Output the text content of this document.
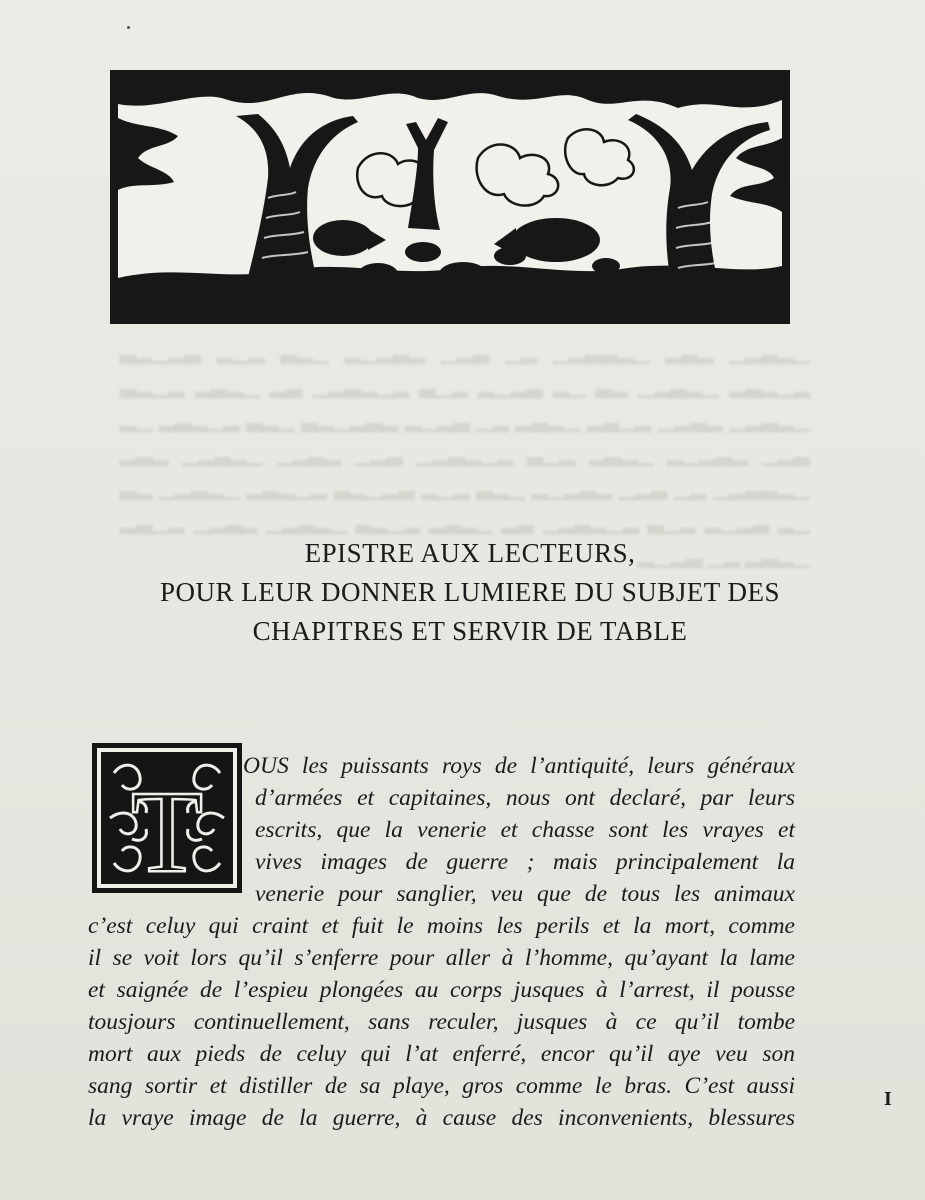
​▁▂▃▂▁ ▂▃▂ ▁▂▃▃▂▁ ▂▁ ▃▂▁ ▂▃▂▁▂ ▁▂▃ ▂▁▂ ▃▂▁▂▃ ▂▁▂▃▂ ▁▂▃▂▁ ▂▃ ▁▂ ▃▂▁▂ ▂▁▃ ▂▁▂▃▂▁ ▃▂ ▁▂▃▂ ▂▁▂▃ ▁▂▃▂▁ ▂▃▂▁ ▂▁▃▂ ▁▂▃▂ ▂▁ ▃▂▁▂ ▂▃▂▁▂▃ ▁▂▃ ▂▁▂▃▂ ▁▂ ▃▂▁ ▂▃▂▁▂ ▁▂▃▂ ▂▁▃ ▂▁▂▃▂▁ ▃▂▁ ▂▃▂▁ ▁▂▃▂▁ ▂▃▂ ▁▂▃▃▂▁ ▂▁ ▃▂▁ ▂▃▂▁▂ ▁▂▃ ▂▁▂ ▃▂▁▂▃ ▂▁▂▃▂ ▁▂▃▂▁ ▂▃ ▁▂ ▃▂▁▂ ▂▁▃ ▂▁▂▃▂▁ ▃▂ ▁▂▃▂ ▂▁▂▃ ▁▂▃▂▁ ▂▃▂▁ ▂▁▃▂ ▁▂▃▂ ▂▁ ▃▂▁▂
EPISTRE AUX LECTEURS,
POUR LEUR DONNER LUMIERE DU SUBJET DES
CHAPITRES ET SERVIR DE TABLE
T OUS les puissants roys de l’antiquité, leurs généraux
d’armées et capitaines, nous ont declaré, par leurs
escrits, que la venerie et chasse sont les vrayes et
vives images de guerre ; mais principalement la
venerie pour sanglier, veu que de tous les animaux
c’est celuy qui craint et fuit le moins les perils et la mort, comme
il se voit lors qu’il s’enferre pour aller à l’homme, qu’ayant la lame
et saignée de l’espieu plongées au corps jusques à l’arrest, il pousse
tousjours continuellement, sans reculer, jusques à ce qu’il tombe
mort aux pieds de celuy qui l’at enferré, encor qu’il aye veu son
sang sortir et distiller de sa playe, gros comme le bras. C’est aussi
la vraye image de la guerre, à cause des inconvenients, blessures
I
